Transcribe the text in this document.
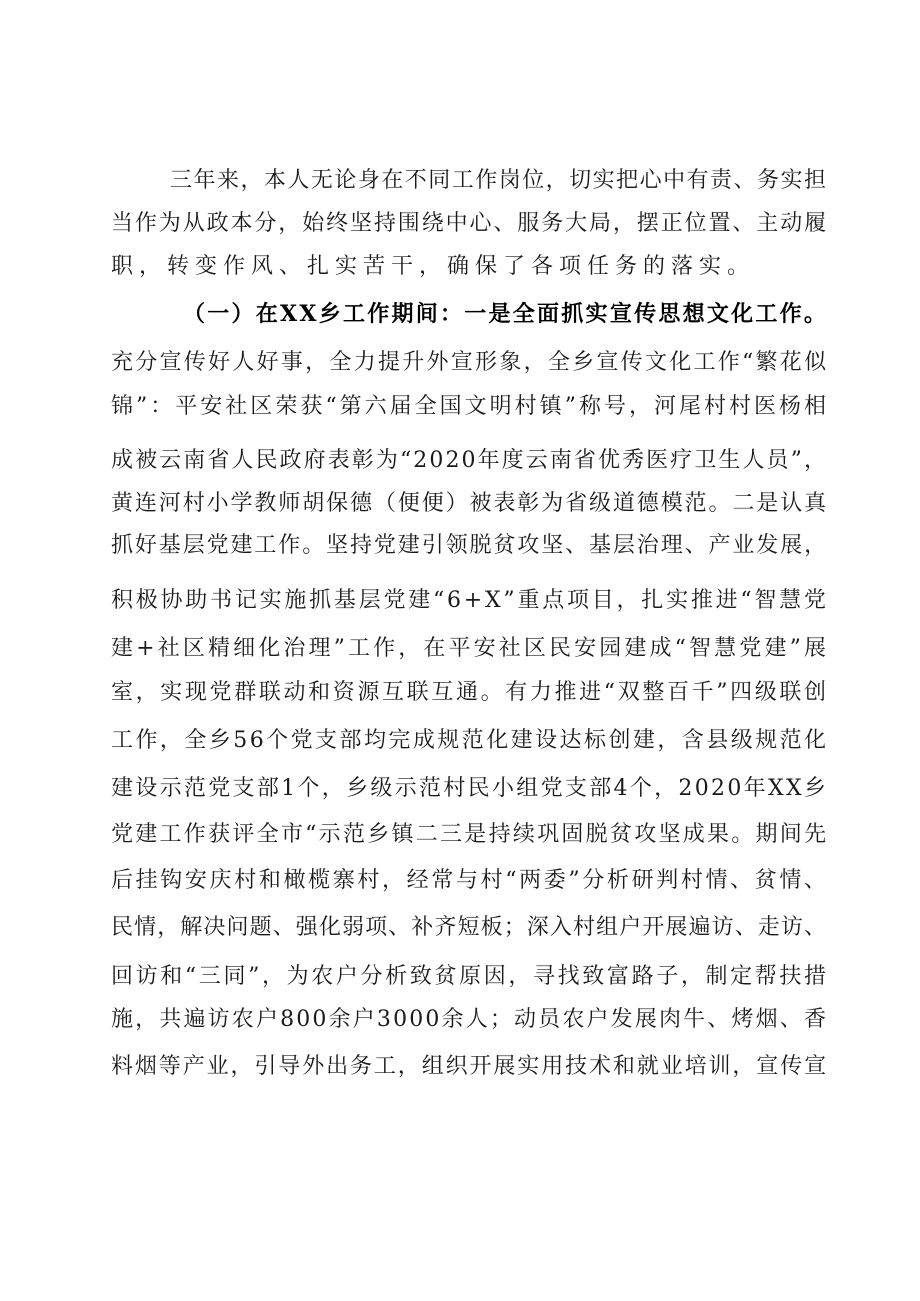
三年来，本人无论身在不同工作岗位，切实把心中有责、务实担
当作为从政本分，始终坚持围绕中心、服务大局，摆正位置、主动履
职，转变作风、扎实苦干，确保了各项任务的落实。
（一）在XX乡工作期间：一是全面抓实宣传思想文化工作。
充分宣传好人好事，全力提升外宣形象，全乡宣传文化工作“繁花似
锦”：平安社区荣获“第六届全国文明村镇”称号，河尾村村医杨相
成被云南省人民政府表彰为“2020年度云南省优秀医疗卫生人员”，
黄连河村小学教师胡保德（便便）被表彰为省级道德模范。二是认真
抓好基层党建工作。坚持党建引领脱贫攻坚、基层治理、产业发展，
积极协助书记实施抓基层党建“6+X”重点项目，扎实推进“智慧党
建+社区精细化治理”工作，在平安社区民安园建成“智慧党建”展
室，实现党群联动和资源互联互通。有力推进“双整百千”四级联创
工作，全乡56个党支部均完成规范化建设达标创建，含县级规范化
建设示范党支部1个，乡级示范村民小组党支部4个，2020年XX乡
党建工作获评全市“示范乡镇二三是持续巩固脱贫攻坚成果。期间先
后挂钩安庆村和橄榄寨村，经常与村“两委”分析研判村情、贫情、
民情，解决问题、强化弱项、补齐短板；深入村组户开展遍访、走访、
回访和“三同”，为农户分析致贫原因，寻找致富路子，制定帮扶措
施，共遍访农户800余户3000余人；动员农户发展肉牛、烤烟、香
料烟等产业，引导外出务工，组织开展实用技术和就业培训，宣传宣
